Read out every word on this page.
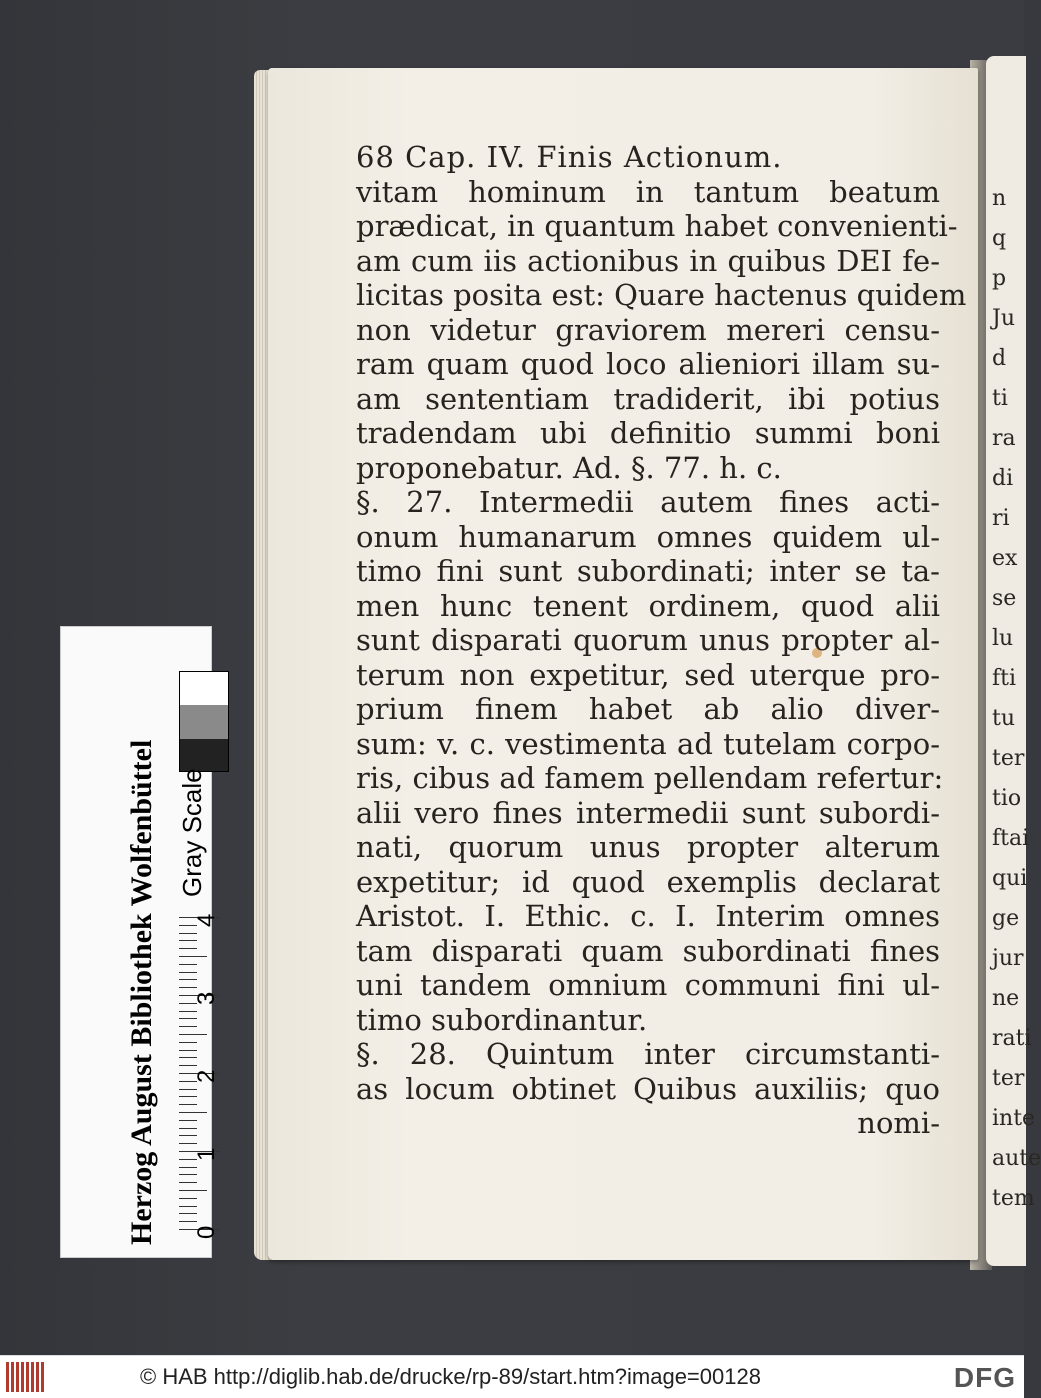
n
q
p
Ju
d
ti
ra
di
ri
ex
se
lu
fti
tu
ter
tio
ftai
qui
ge
jur
ne
rati
ter
inte
aute
tem
68 Cap. IV. Finis Actionum.
vitam hominum in tantum beatum
prædicat, in quantum habet convenienti-
am cum iis actionibus in quibus DEI fe-
licitas posita est: Quare hactenus quidem
non videtur graviorem mereri censu-
ram quam quod loco alieniori illam su-
am sententiam tradiderit, ibi potius
tradendam ubi definitio summi boni
proponebatur. Ad. §. 77. h. c.
§. 27. Intermedii autem fines acti-
onum humanarum omnes quidem ul-
timo fini sunt subordinati; inter se ta-
men hunc tenent ordinem, quod alii
sunt disparati quorum unus propter al-
terum non expetitur, sed uterque pro-
prium finem habet ab alio diver-
sum: v. c. vestimenta ad tutelam corpo-
ris, cibus ad famem pellendam refertur:
alii vero fines intermedii sunt subordi-
nati, quorum unus propter alterum
expetitur; id quod exemplis declarat
Aristot. I. Ethic. c. I. Interim omnes
tam disparati quam subordinati fines
uni tandem omnium communi fini ul-
timo subordinantur.
§. 28. Quintum inter circumstanti-
as locum obtinet Quibus auxiliis; quo
nomi-
Herzog August Bibliothek Wolfenbüttel Gray Scale
0
1
2
3
4
© HAB http://diglib.hab.de/drucke/rp-89/start.htm?image=00128	DFG
